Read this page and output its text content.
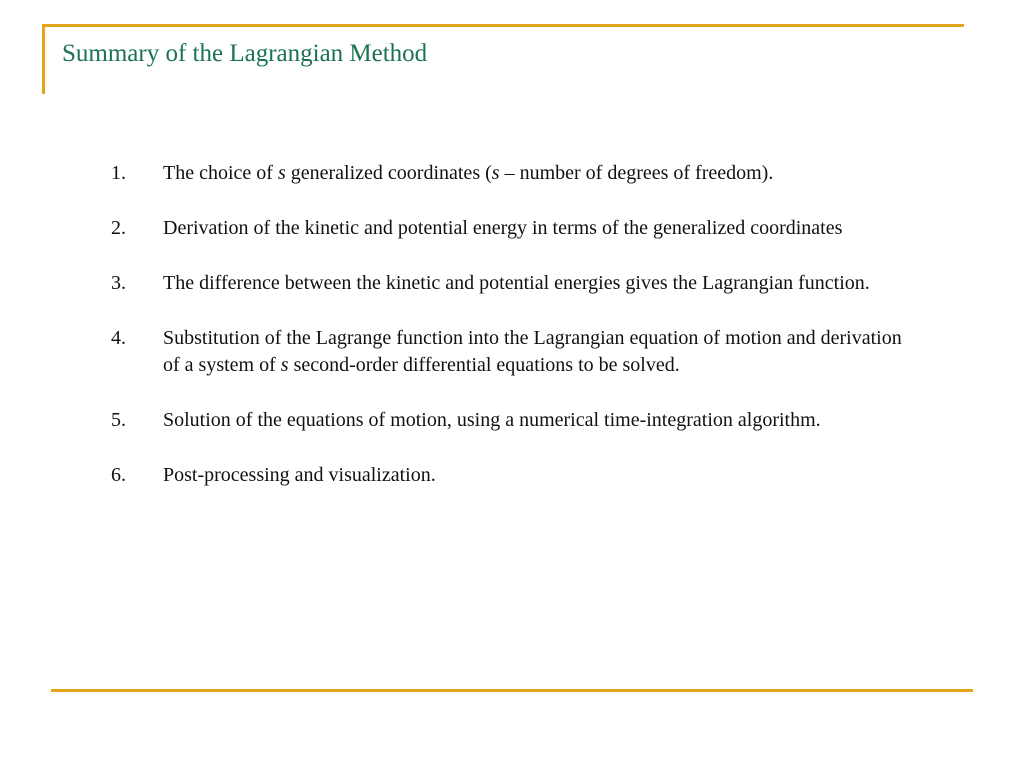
Summary of the Lagrangian Method
1.	The choice of s generalized coordinates (s – number of degrees of freedom).
2.	Derivation of the kinetic and potential energy in terms of the generalized coordinates
3.	The difference between the kinetic and potential energies gives the Lagrangian function.
4.	Substitution of the Lagrange function into the Lagrangian equation of motion and derivation of a system of s second-order differential equations to be solved.
5.	Solution of the equations of motion, using a numerical time-integration algorithm.
6.	Post-processing and visualization.
